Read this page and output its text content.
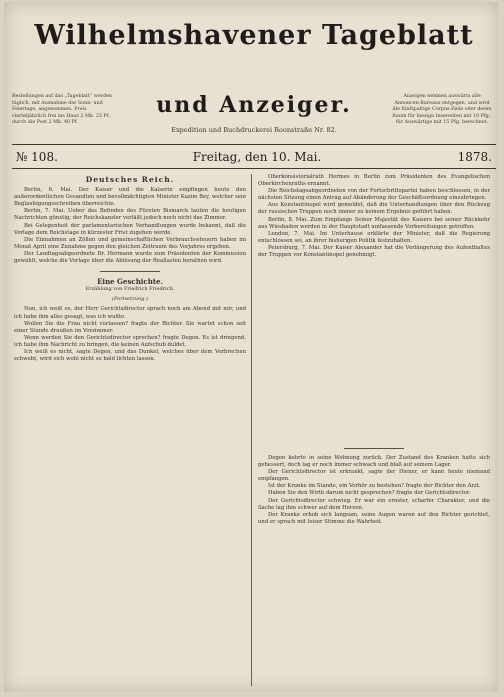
Wilhelmshavener Tageblatt
und Anzeiger.
Expedition und Buchdruckerei Roonstraße Nr. 82.
Bestellungen auf das „Tageblatt“ werden täglich, mit Ausnahme der Sonn- und Feiertage, angenommen. Preis vierteljährlich frei ins Haus 2 Mk. 25 Pf., durch die Post 2 Mk. 40 Pf.
Anzeigen nehmen auswärts alle Annoncen-Bureaus entgegen, und wird die fünfspaltige Corpus-Zeile oder deren Raum für hiesige Inserenten mit 10 Pfg., für Auswärtige mit 15 Pfg. berechnet.
№ 108.	Freitag, den 10. Mai.	1878.
Deutsches Reich.

Berlin, 6. Mai. Der Kaiser und die Kaiserin empfingen heute den außerordentlichen Gesandten und bevollmächtigten Minister Kazim Bey, welcher sein Beglaubigungsschreiben überreichte.

Berlin, 7. Mai. Ueber das Befinden des Fürsten Bismarck lauten die heutigen Nachrichten günstig; der Reichskanzler verläßt jedoch noch nicht das Zimmer.

Bei Gelegenheit der parlamentarischen Verhandlungen wurde bekannt, daß die Vorlage dem Reichstage in kürzester Frist zugehen werde.

Die Einnahmen an Zöllen und gemeinschaftlichen Verbrauchssteuern haben im Monat April eine Zunahme gegen den gleichen Zeitraum des Vorjahres ergeben.

Der Landtagsabgeordnete Dr. Hermann wurde zum Präsidenten der Kommission gewählt, welche die Vorlage über die Ablösung der Reallasten berathen wird.

Eine Geschichte.
Erzählung von Friedrich Friedrich.
(Fortsetzung.)

Nun, ich weiß es, der Herr Gerichtsdirector sprach noch am Abend mit mir, und ich habe ihm alles gesagt, was ich wußte.

Wollen Sie die Frau nicht vorlassen? fragte der Richter. Sie wartet schon seit einer Stunde draußen im Vorzimmer.

Wenn werden Sie den Gerichtsdirector sprechen? fragte Degen. Es ist dringend, ich habe ihm Nachricht zu bringen, die keinen Aufschub duldet.

Ich weiß es nicht, sagte Degen, und das Dunkel, welches über dem Verbrechen schwebt, wird sich wohl nicht so bald lichten lassen.

Oberkonsistorialrath Hermes in Berlin zum Präsidenten des Evangelischen Oberkirchenraths ernannt.

Die Reichstagsabgeordneten von der Fortschrittspartei haben beschlossen, in der nächsten Sitzung einen Antrag auf Abänderung der Geschäftsordnung einzubringen.

Aus Konstantinopel wird gemeldet, daß die Unterhandlungen über den Rückzug der russischen Truppen noch immer zu keinem Ergebnis geführt haben.

Berlin, 8. Mai. Zum Empfange Seiner Majestät des Kaisers bei seiner Rückkehr aus Wiesbaden werden in der Hauptstadt umfassende Vorbereitungen getroffen.

London, 7. Mai. Im Unterhause erklärte der Minister, daß die Regierung entschlossen sei, an ihrer bisherigen Politik festzuhalten.

Petersburg, 7. Mai. Der Kaiser Alexander hat die Verlängerung des Aufenthaltes der Truppen vor Konstantinopel genehmigt.

Degen kehrte in seine Wohnung zurück. Der Zustand des Kranken hatte sich gebessert, doch lag er noch immer schwach und blaß auf seinem Lager.

Der Gerichtsdirector ist erkrankt, sagte der Diener, er kann heute niemand empfangen.

Ist der Kranke im Stande, ein Verhör zu bestehen? fragte der Richter den Arzt.

Haben Sie den Wirth darum nicht gesprochen? fragte der Gerichtsdirector.

Der Gerichtsdirector schwieg. Er war ein ernster, scharfer Charakter, und die Sache lag ihm schwer auf dem Herzen.

Der Kranke erhob sich langsam, seine Augen waren auf den Richter gerichtet, und er sprach mit leiser Stimme die Wahrheit.
